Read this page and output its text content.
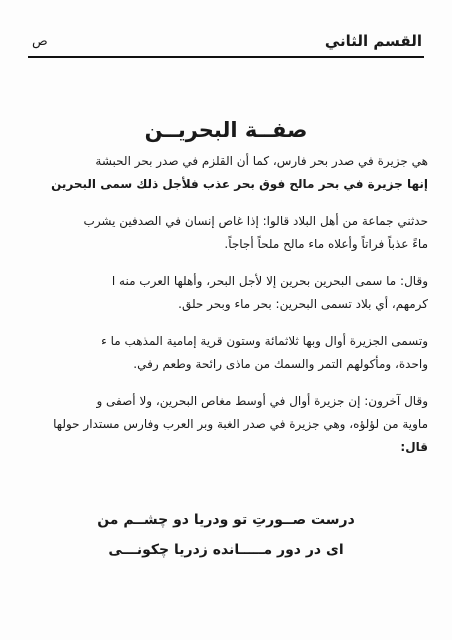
القسم الثاني
ص
صفــة البحريــن

هي جزيرة في صدر بحر فارس، كما أن القلزم في صدر بحر الحبشة
إنها جزيرة في بحر مالح فوق بحر عذب فلأجل ذلك سمى البحرين

حدثني جماعة من أهل البلاد قالوا: إذا غاص إنسان في الصدفين يشرب
ماءً عذباً فراتاً وأعلاه ماء مالح ملحاً أجاجاً.

وقال: ما سمى البحرين بحرين إلا لأجل البحر، وأهلها العرب منه ا
كرمهم، أي بلاد تسمى البحرين: بحر ماء وبحر حلق.

وتسمى الجزيرة أوال وبها ثلاثمائة وستون قرية إمامية المذهب ما ء
واحدة، ومأكولهم التمر والسمك من ماذى رائحة وطعم رفي.

وقال آخرون: إن جزيرة أوال في أوسط مغاص البحرين، ولا أصفى و
ماوية من لؤلؤه، وهي جزيرة في صدر الغبة وبر العرب وفارس مستدار حولها
قال:

درست صــورتِ تو ودريا دو چشــم من
اى در دور مـــــانده زدريا چكونـــى
